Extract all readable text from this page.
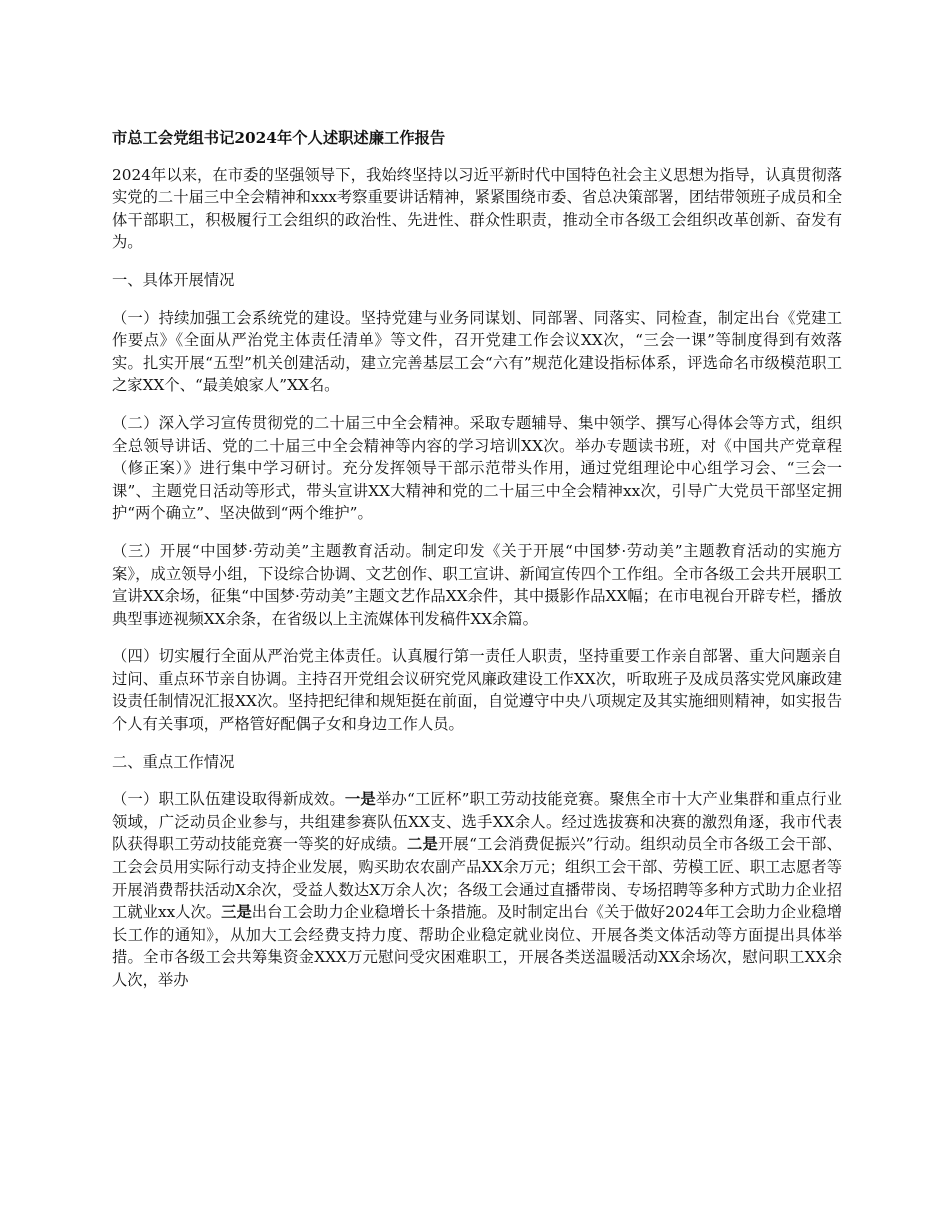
市总工会党组书记2024年个人述职述廉工作报告

2024年以来，在市委的坚强领导下，我始终坚持以习近平新时代中国特色社会主义思想为指导，认真贯彻落实党的二十届三中全会精神和xxx考察重要讲话精神，紧紧围绕市委、省总决策部署，团结带领班子成员和全体干部职工，积极履行工会组织的政治性、先进性、群众性职责，推动全市各级工会组织改革创新、奋发有为。

一、具体开展情况

（一）持续加强工会系统党的建设。坚持党建与业务同谋划、同部署、同落实、同检查，制定出台《党建工作要点》《全面从严治党主体责任清单》等文件，召开党建工作会议XX次，“三会一课”等制度得到有效落实。扎实开展“五型”机关创建活动，建立完善基层工会“六有”规范化建设指标体系，评选命名市级模范职工之家XX个、“最美娘家人”XX名。

（二）深入学习宣传贯彻党的二十届三中全会精神。采取专题辅导、集中领学、撰写心得体会等方式，组织全总领导讲话、党的二十届三中全会精神等内容的学习培训XX次。举办专题读书班，对《中国共产党章程（修正案）》进行集中学习研讨。充分发挥领导干部示范带头作用，通过党组理论中心组学习会、“三会一课”、主题党日活动等形式，带头宣讲XX大精神和党的二十届三中全会精神xx次，引导广大党员干部坚定拥护“两个确立”、坚决做到“两个维护”。

（三）开展“中国梦·劳动美”主题教育活动。制定印发《关于开展“中国梦·劳动美”主题教育活动的实施方案》，成立领导小组，下设综合协调、文艺创作、职工宣讲、新闻宣传四个工作组。全市各级工会共开展职工宣讲XX余场，征集“中国梦·劳动美”主题文艺作品XX余件，其中摄影作品XX幅；在市电视台开辟专栏，播放典型事迹视频XX余条，在省级以上主流媒体刊发稿件XX余篇。

（四）切实履行全面从严治党主体责任。认真履行第一责任人职责，坚持重要工作亲自部署、重大问题亲自过问、重点环节亲自协调。主持召开党组会议研究党风廉政建设工作XX次，听取班子及成员落实党风廉政建设责任制情况汇报XX次。坚持把纪律和规矩挺在前面，自觉遵守中央八项规定及其实施细则精神，如实报告个人有关事项，严格管好配偶子女和身边工作人员。

二、重点工作情况

（一）职工队伍建设取得新成效。一是举办“工匠杯”职工劳动技能竞赛。聚焦全市十大产业集群和重点行业领域，广泛动员企业参与，共组建参赛队伍XX支、选手XX余人。经过选拔赛和决赛的激烈角逐，我市代表队获得职工劳动技能竞赛一等奖的好成绩。二是开展“工会消费促振兴”行动。组织动员全市各级工会干部、工会会员用实际行动支持企业发展，购买助农农副产品XX余万元；组织工会干部、劳模工匠、职工志愿者等开展消费帮扶活动X余次，受益人数达X万余人次；各级工会通过直播带岗、专场招聘等多种方式助力企业招工就业xx人次。三是出台工会助力企业稳增长十条措施。及时制定出台《关于做好2024年工会助力企业稳增长工作的通知》，从加大工会经费支持力度、帮助企业稳定就业岗位、开展各类文体活动等方面提出具体举措。全市各级工会共筹集资金XXX万元慰问受灾困难职工，开展各类送温暖活动XX余场次，慰问职工XX余人次，举办
